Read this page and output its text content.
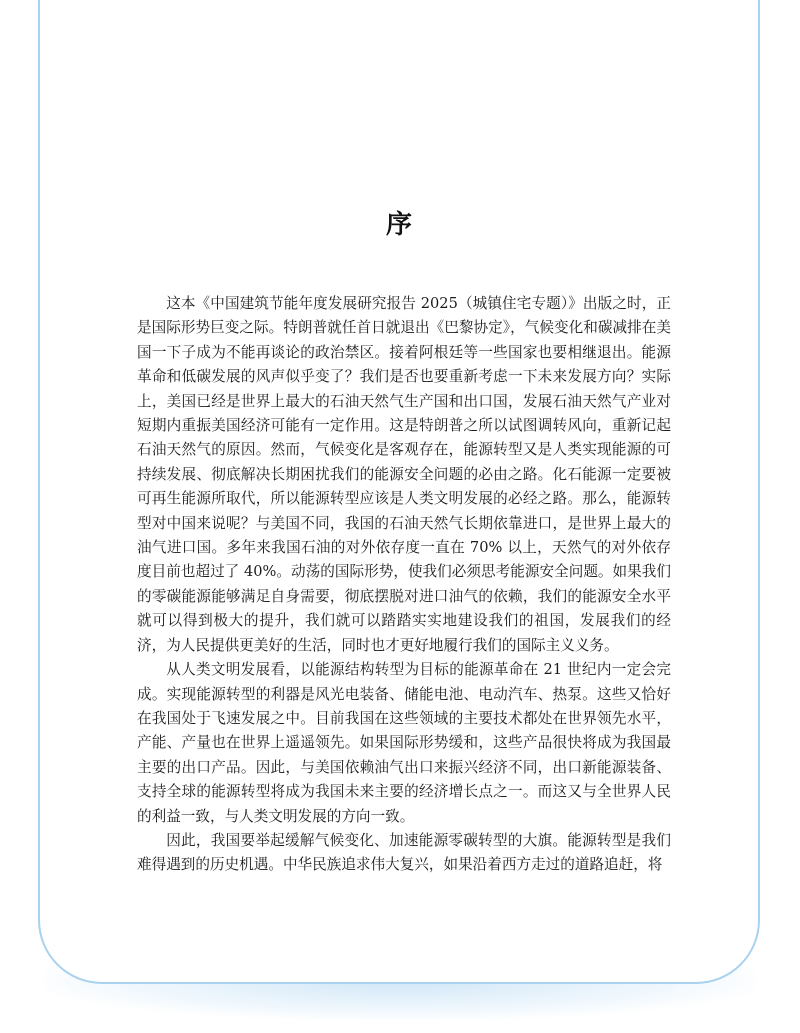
序

这本《中国建筑节能年度发展研究报告 2025（城镇住宅专题）》出版之时，正是国际形势巨变之际。特朗普就任首日就退出《巴黎协定》，气候变化和碳减排在美国一下子成为不能再谈论的政治禁区。接着阿根廷等一些国家也要相继退出。能源革命和低碳发展的风声似乎变了？我们是否也要重新考虑一下未来发展方向？实际上，美国已经是世界上最大的石油天然气生产国和出口国，发展石油天然气产业对短期内重振美国经济可能有一定作用。这是特朗普之所以试图调转风向，重新记起石油天然气的原因。然而，气候变化是客观存在，能源转型又是人类实现能源的可持续发展、彻底解决长期困扰我们的能源安全问题的必由之路。化石能源一定要被可再生能源所取代，所以能源转型应该是人类文明发展的必经之路。那么，能源转型对中国来说呢？与美国不同，我国的石油天然气长期依靠进口，是世界上最大的油气进口国。多年来我国石油的对外依存度一直在 70% 以上，天然气的对外依存度目前也超过了 40%。动荡的国际形势，使我们必须思考能源安全问题。如果我们的零碳能源能够满足自身需要，彻底摆脱对进口油气的依赖，我们的能源安全水平就可以得到极大的提升，我们就可以踏踏实实地建设我们的祖国，发展我们的经济，为人民提供更美好的生活，同时也才更好地履行我们的国际主义义务。

从人类文明发展看，以能源结构转型为目标的能源革命在 21 世纪内一定会完成。实现能源转型的利器是风光电装备、储能电池、电动汽车、热泵。这些又恰好在我国处于飞速发展之中。目前我国在这些领域的主要技术都处在世界领先水平，产能、产量也在世界上遥遥领先。如果国际形势缓和，这些产品很快将成为我国最主要的出口产品。因此，与美国依赖油气出口来振兴经济不同，出口新能源装备、支持全球的能源转型将成为我国未来主要的经济增长点之一。而这又与全世界人民的利益一致，与人类文明发展的方向一致。

因此，我国要举起缓解气候变化、加速能源零碳转型的大旗。能源转型是我们难得遇到的历史机遇。中华民族追求伟大复兴，如果沿着西方走过的道路追赶，将
